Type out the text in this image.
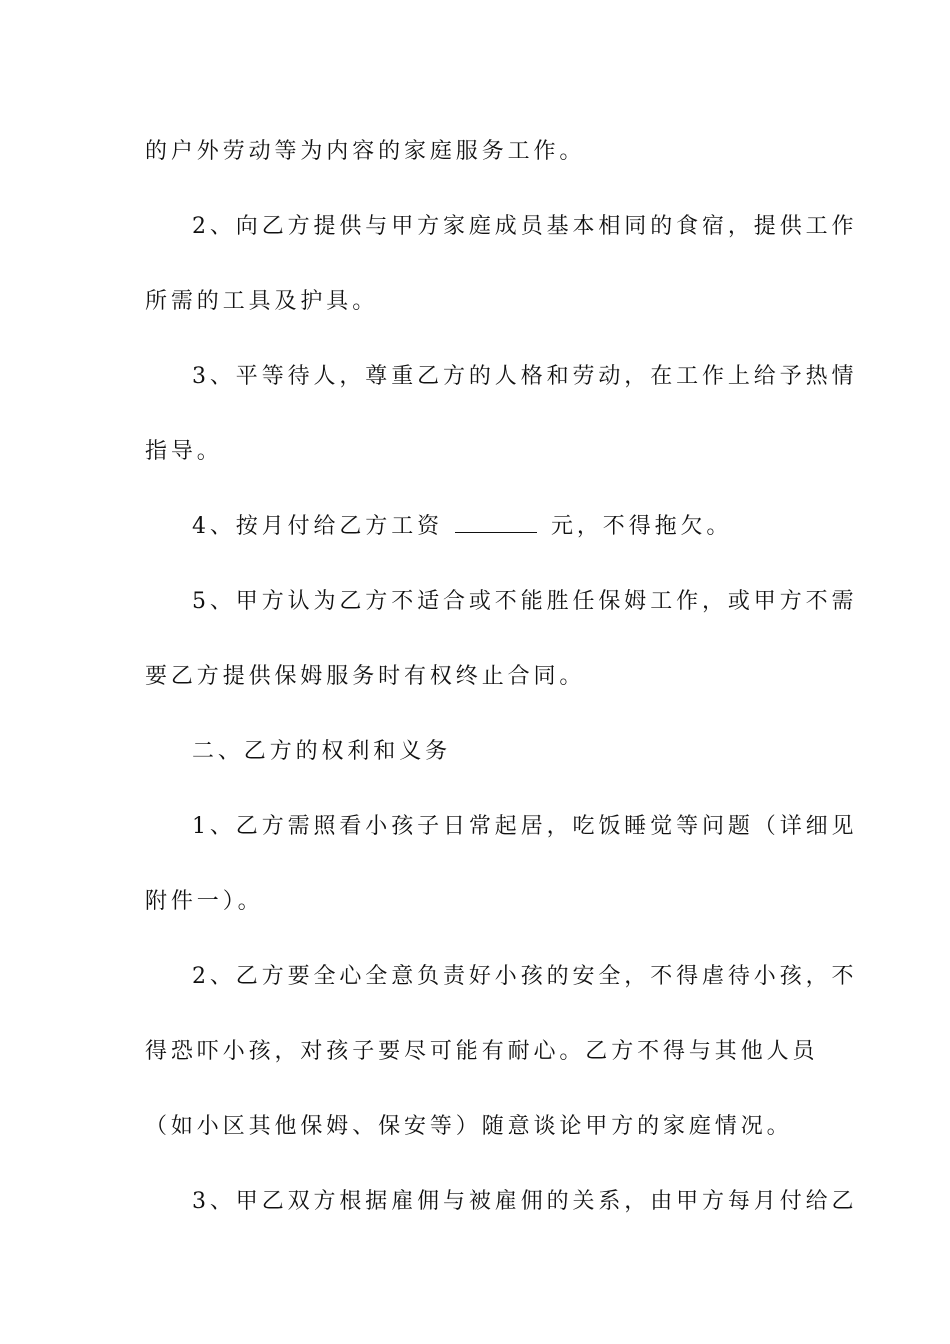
的户外劳动等为内容的家庭服务工作。

2、向乙方提供与甲方家庭成员基本相同的食宿，提供工作

所需的工具及护具。

3、平等待人，尊重乙方的人格和劳动，在工作上给予热情

指导。

4、按月付给乙方工资	元，不得拖欠。

5、甲方认为乙方不适合或不能胜任保姆工作，或甲方不需

要乙方提供保姆服务时有权终止合同。

二、乙方的权利和义务

1、乙方需照看小孩子日常起居，吃饭睡觉等问题（详细见

附件一）。

2、乙方要全心全意负责好小孩的安全，不得虐待小孩，不

得恐吓小孩，对孩子要尽可能有耐心。乙方不得与其他人员

（如小区其他保姆、保安等）随意谈论甲方的家庭情况。

3、甲乙双方根据雇佣与被雇佣的关系，由甲方每月付给乙
